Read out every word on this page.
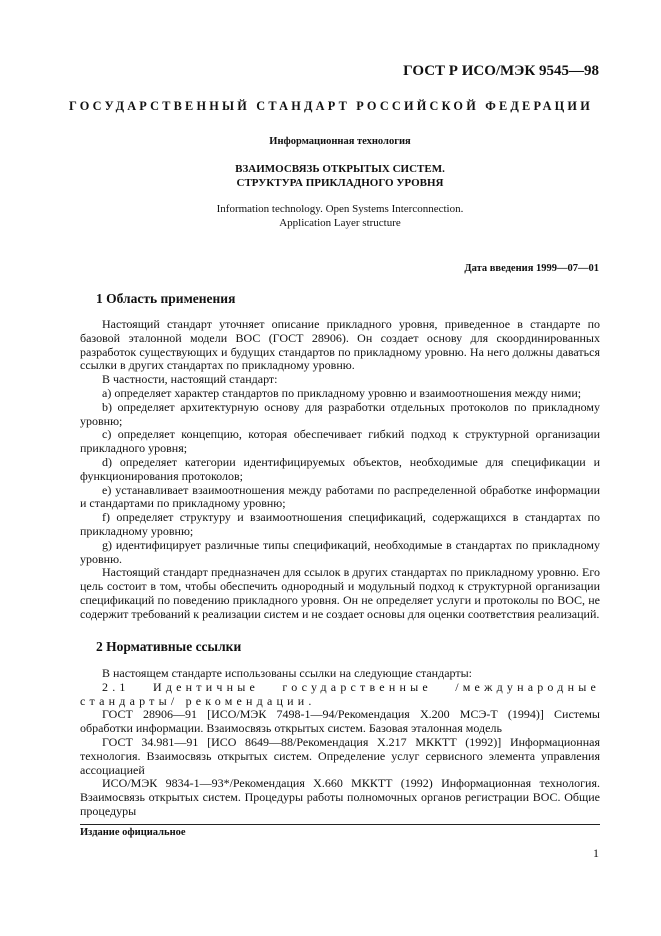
ГОСТ Р ИСО/МЭК 9545—98
ГОСУДАРСТВЕННЫЙ СТАНДАРТ РОССИЙСКОЙ ФЕДЕРАЦИИ
Информационная технология
ВЗАИМОСВЯЗЬ ОТКРЫТЫХ СИСТЕМ.
СТРУКТУРА ПРИКЛАДНОГО УРОВНЯ
Information technology. Open Systems Interconnection.
Application Layer structure
Дата введения 1999—07—01
1 Область применения

Настоящий стандарт уточняет описание прикладного уровня, приведенное в стандарте по базовой эталонной модели ВОС (ГОСТ 28906). Он создает основу для скоординированных разработок существующих и будущих стандартов по прикладному уровню. На него должны даваться ссылки в других стандартах по прикладному уровню.

В частности, настоящий стандарт:

a) определяет характер стандартов по прикладному уровню и взаимоотношения между ними;

b) определяет архитектурную основу для разработки отдельных протоколов по прикладному уровню;

c) определяет концепцию, которая обеспечивает гибкий подход к структурной организации прикладного уровня;

d) определяет категории идентифицируемых объектов, необходимые для спецификации и функционирования протоколов;

e) устанавливает взаимоотношения между работами по распределенной обработке информации и стандартами по прикладному уровню;

f) определяет структуру и взаимоотношения спецификаций, содержащихся в стандартах по прикладному уровню;

g) идентифицирует различные типы спецификаций, необходимые в стандартах по прикладному уровню.

Настоящий стандарт предназначен для ссылок в других стандартах по прикладному уровню. Его цель состоит в том, чтобы обеспечить однородный и модульный подход к структурной организации спецификаций по поведению прикладного уровня. Он не определяет услуги и протоколы по ВОС, не содержит требований к реализации систем и не создает основы для оценки соответствия реализаций.

2 Нормативные ссылки

В настоящем стандарте использованы ссылки на следующие стандарты:

2.1 Идентичные государственные /международные стандарты/ рекомендации.

ГОСТ 28906—91 [ИСО/МЭК 7498-1—94/Рекомендация X.200 МСЭ-Т (1994)] Системы обработки информации. Взаимосвязь открытых систем. Базовая эталонная модель

ГОСТ 34.981—91 [ИСО 8649—88/Рекомендация X.217 МККТТ (1992)] Информационная технология. Взаимосвязь открытых систем. Определение услуг сервисного элемента управления ассоциацией

ИСО/МЭК 9834-1—93*/Рекомендация X.660 МККТТ (1992) Информационная технология. Взаимосвязь открытых систем. Процедуры работы полномочных органов регистрации ВОС. Общие процедуры

Издание официальное
1
